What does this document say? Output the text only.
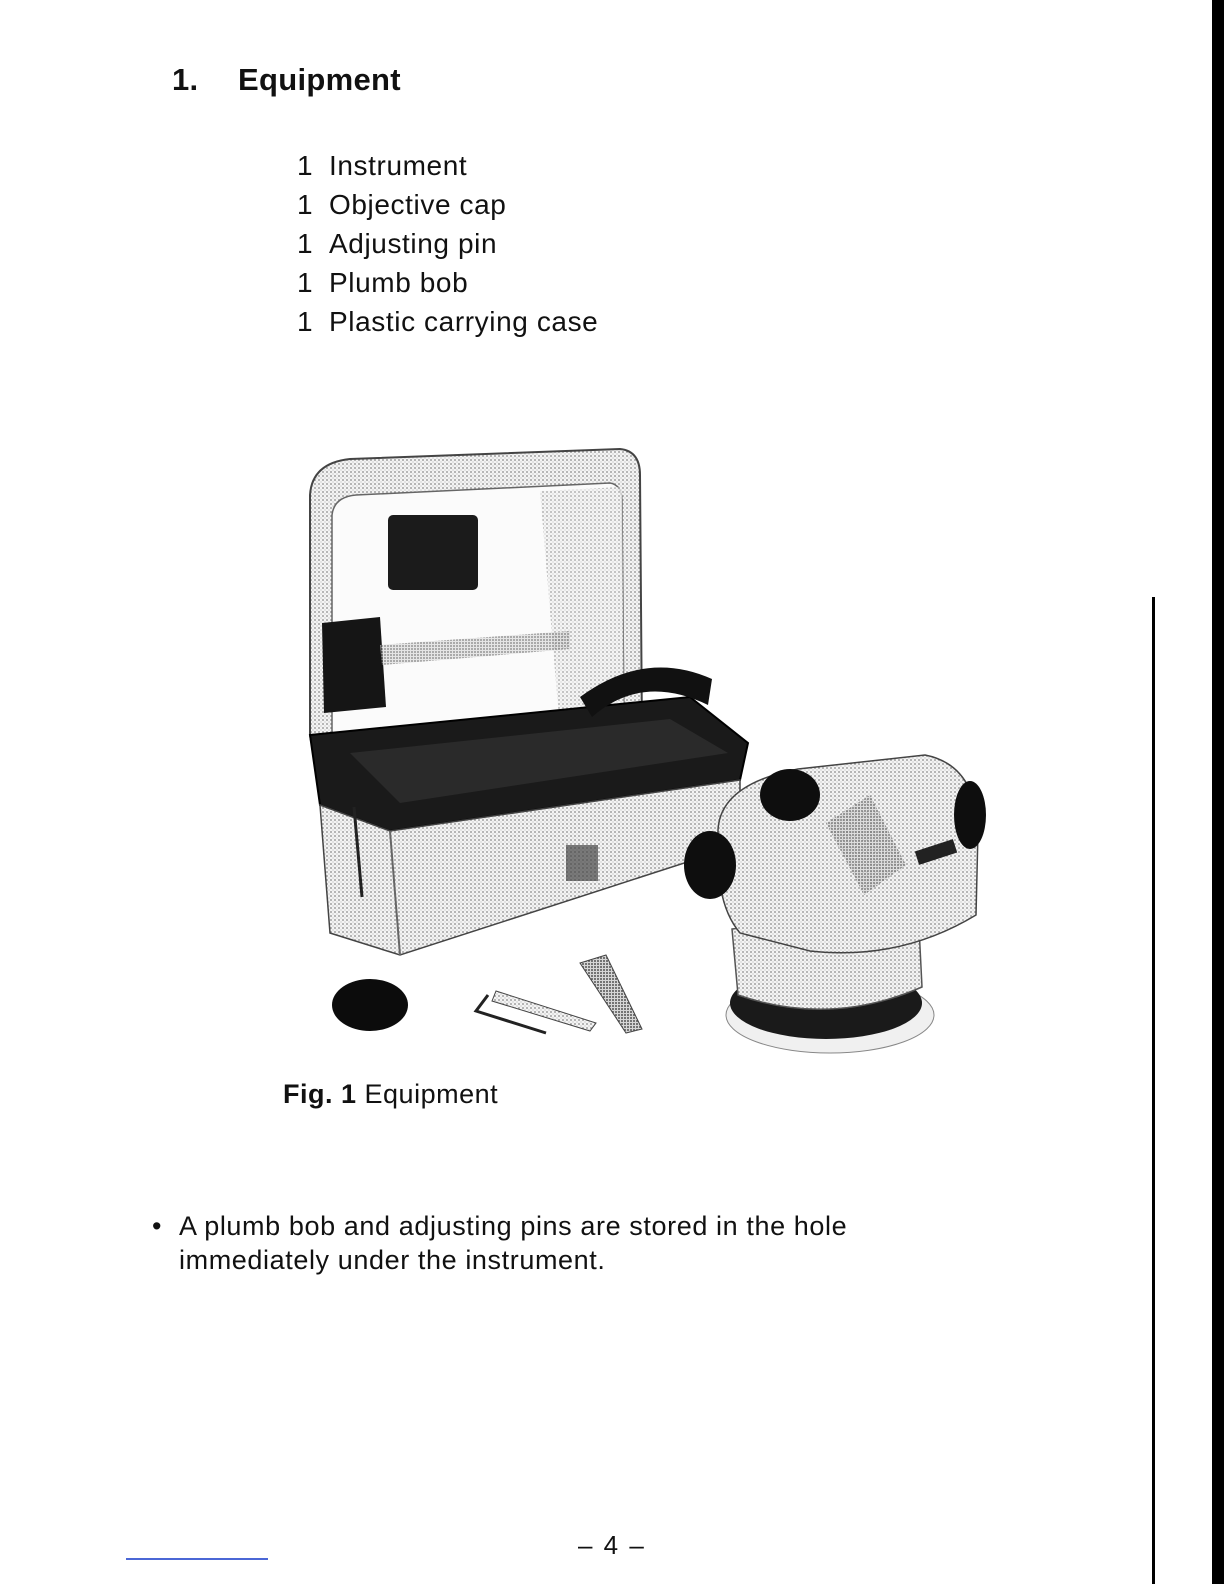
1. Equipment
1 Instrument
1 Objective cap
1 Adjusting pin
1 Plumb bob
1 Plastic carrying case
Fig. 1 Equipment
• A plumb bob and adjusting pins are stored in the hole immediately under the instrument.
– 4 –
